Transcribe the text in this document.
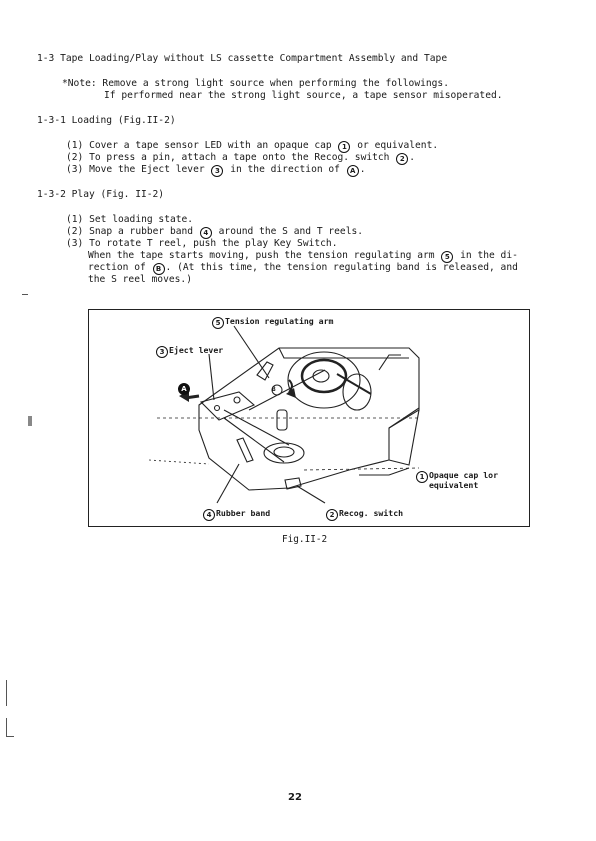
1-3 Tape Loading/Play without LS cassette Compartment Assembly and Tape
*Note: Remove a strong light source when performing the followings.
If performed near the strong light source, a tape sensor misoperated.
1-3-1 Loading (Fig.II-2)
(1) Cover a tape sensor LED with an opaque cap 1 or equivalent.
(2) To press a pin, attach a tape onto the Recog. switch 2 .
(3) Move the Eject lever 3 in the direction of A .
1-3-2 Play (Fig. II-2)
(1) Set loading state.
(2) Snap a rubber band 4 around the S and T reels.
(3) To rotate T reel, push the play Key Switch.
When the tape starts moving, push the tension regulating arm 5 in the di-
rection of B . (At this time, the tension regulating band is released, and
the S reel moves.)
5 Tension regulating arm
3 Eject lever
A	B
1 Opaque cap lor
equivalent
4 Rubber band	2 Recog. switch
Fig.II-2
22
